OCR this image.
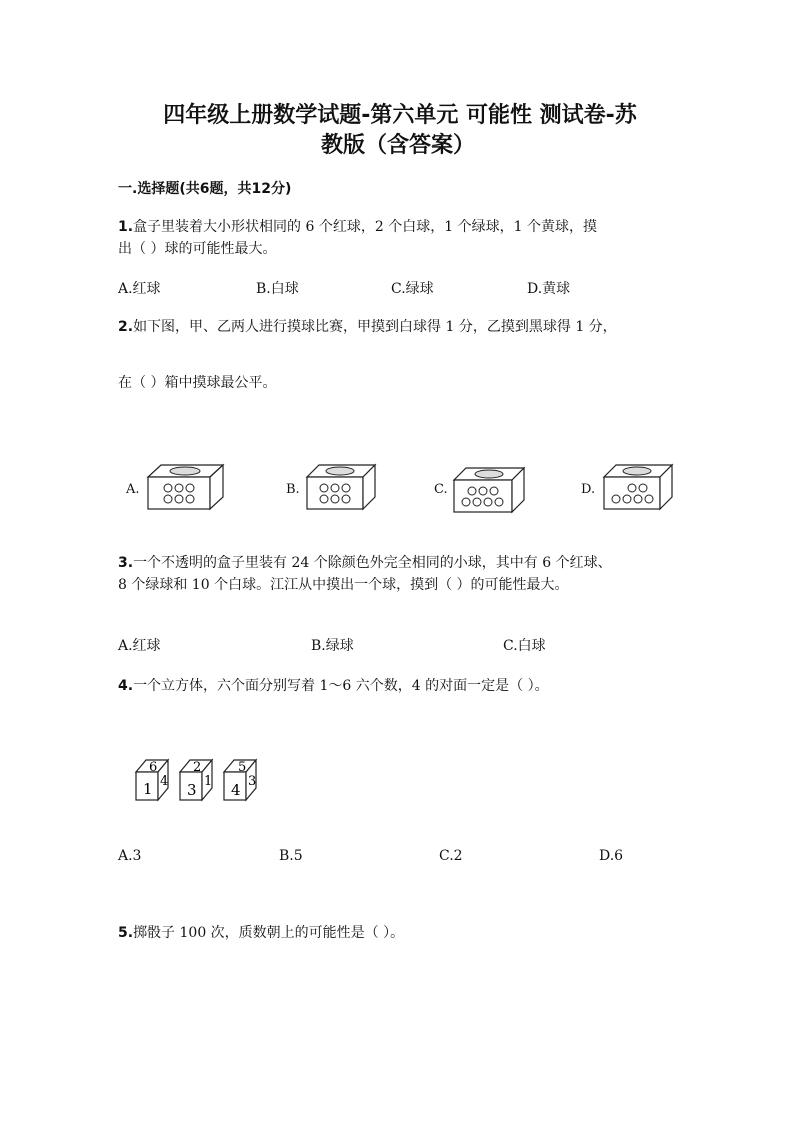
四年级上册数学试题-第六单元 可能性 测试卷-苏
教版（含答案）
一.选择题(共6题，共12分)
1.盒子里装着大小形状相同的 6 个红球，2 个白球，1 个绿球，1 个黄球，摸
出（ ）球的可能性最大。
A.红球	B.白球	C.绿球	D.黄球
2.如下图，甲、乙两人进行摸球比赛，甲摸到白球得 1 分，乙摸到黑球得 1 分，
在（ ）箱中摸球最公平。
A.	B.	C.	D.
3.一个不透明的盒子里装有 24 个除颜色外完全相同的小球，其中有 6 个红球、
8 个绿球和 10 个白球。江江从中摸出一个球，摸到（ ）的可能性最大。
A.红球	B.绿球	C.白球
4.一个立方体，六个面分别写着 1～6 六个数，4 的对面一定是（ ）。
1
6
4 3
2
1 4
5
3
A.3	B.5	C.2	D.6
5.掷骰子 100 次，质数朝上的可能性是（ ）。
